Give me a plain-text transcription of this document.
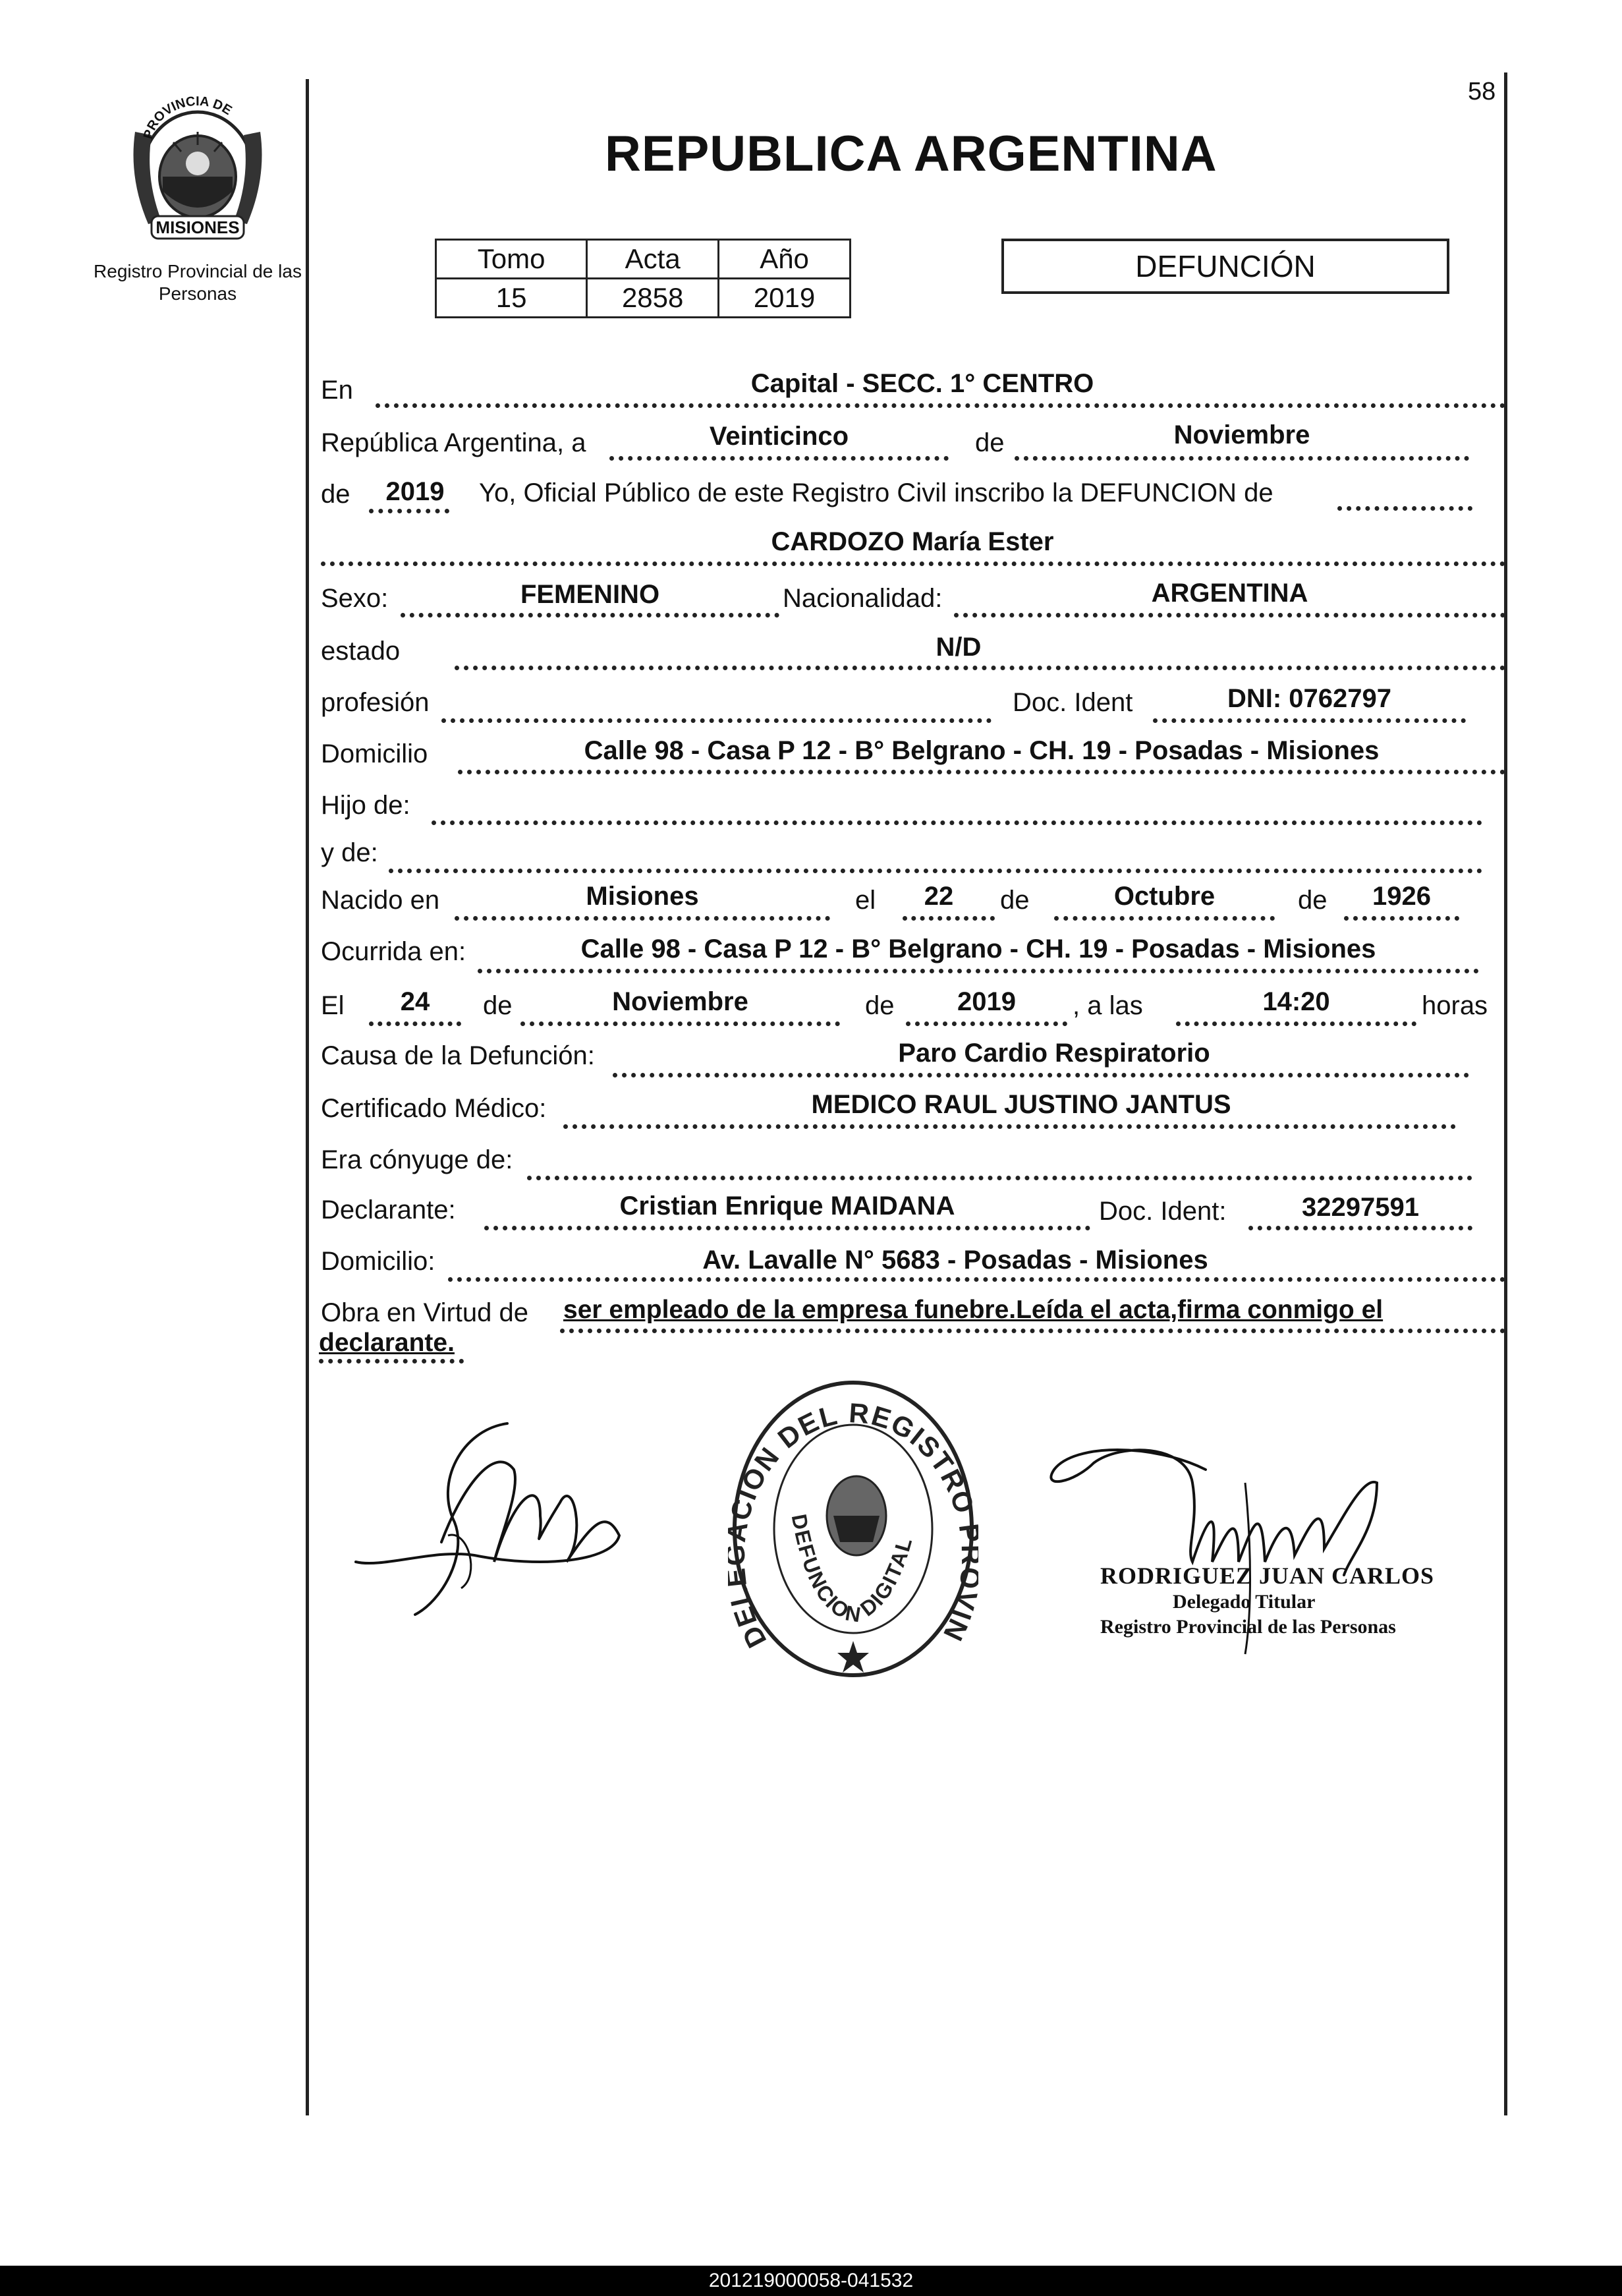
58
PROVINCIA DE
MISIONES
Registro Provincial de las Personas
REPUBLICA ARGENTINA
Tomo	Acta	Año
15	2858	2019
DEFUNCIÓN
En	Capital - SECC. 1° CENTRO
República Argentina, a	Veinticinco	de	Noviembre
de	2019	Yo, Oficial Público de este Registro Civil inscribo la DEFUNCION de
CARDOZO María Ester
Sexo:	FEMENINO	Nacionalidad:	ARGENTINA
estado	N/D
profesión	Doc. Ident	DNI: 0762797
Domicilio	Calle 98 - Casa P 12 - B° Belgrano - CH. 19 - Posadas - Misiones
Hijo de:
y de:
Nacido en	Misiones	el	22	de	Octubre	de	1926
Ocurrida en:	Calle 98 - Casa P 12 - B° Belgrano - CH. 19 - Posadas - Misiones
El	24	de	Noviembre	de	2019	, a las	14:20	horas
Causa de la Defunción:	Paro Cardio Respiratorio
Certificado Médico:	MEDICO RAUL JUSTINO JANTUS
Era cónyuge de:
Declarante:	Cristian Enrique MAIDANA	Doc. Ident:	32297591
Domicilio:	Av. Lavalle N° 5683 - Posadas - Misiones
Obra en Virtud de ser empleado de la empresa funebre.Leída el acta,firma conmigo el
declarante.
DE ION DEL REGISTRO IN
DEFUNCION DIGITAL
RODRIGUEZ JUAN CARLOS
Delegado Titular
Registro Provincial de las Personas
201219000058-041532
